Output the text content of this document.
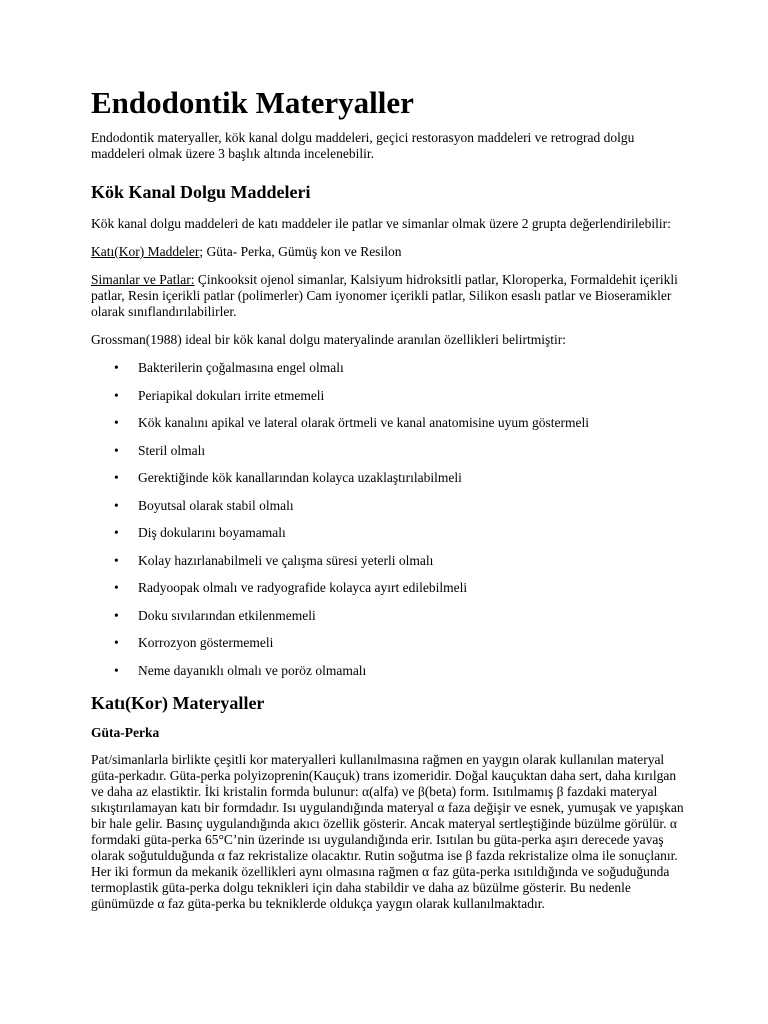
Endodontik Materyaller

Endodontik materyaller, kök kanal dolgu maddeleri, geçici restorasyon maddeleri ve retrograd dolgu maddeleri olmak üzere 3 başlık altında incelenebilir.

Kök Kanal Dolgu Maddeleri

Kök kanal dolgu maddeleri de katı maddeler ile patlar ve simanlar olmak üzere 2 grupta değerlendirilebilir:

Katı(Kor) Maddeler; Güta- Perka, Gümüş kon ve Resilon

Simanlar ve Patlar: Çinkooksit ojenol simanlar, Kalsiyum hidroksitli patlar, Kloroperka, Formaldehit içerikli patlar, Resin içerikli patlar (polimerler) Cam iyonomer içerikli patlar, Silikon esaslı patlar ve Bioseramikler olarak sınıflandırılabilirler.

Grossman(1988) ideal bir kök kanal dolgu materyalinde aranılan özellikleri belirtmiştir:

• Bakterilerin çoğalmasına engel olmalı
• Periapikal dokuları irrite etmemeli
• Kök kanalını apikal ve lateral olarak örtmeli ve kanal anatomisine uyum göstermeli
• Steril olmalı
• Gerektiğinde kök kanallarından kolayca uzaklaştırılabilmeli
• Boyutsal olarak stabil olmalı
• Diş dokularını boyamamalı
• Kolay hazırlanabilmeli ve çalışma süresi yeterli olmalı
• Radyoopak olmalı ve radyografide kolayca ayırt edilebilmeli
• Doku sıvılarından etkilenmemeli
• Korrozyon göstermemeli
• Neme dayanıklı olmalı ve poröz olmamalı
Katı(Kor) Materyaller
Güta-Perka

Pat/simanlarla birlikte çeşitli kor materyalleri kullanılmasına rağmen en yaygın olarak kullanılan materyal güta-perkadır. Güta-perka polyizoprenin(Kauçuk) trans izomeridir. Doğal kauçuktan daha sert, daha kırılgan ve daha az elastiktir. İki kristalin formda bulunur: α(alfa) ve β(beta) form. Isıtılmamış β fazdaki materyal sıkıştırılamayan katı bir formdadır. Isı uygulandığında materyal α faza değişir ve esnek, yumuşak ve yapışkan bir hale gelir. Basınç uygulandığında akıcı özellik gösterir. Ancak materyal sertleştiğinde büzülme görülür. α formdaki güta-perka 65°C’nin üzerinde ısı uygulandığında erir. Isıtılan bu güta-perka aşırı derecede yavaş olarak soğutulduğunda α faz rekristalize olacaktır. Rutin soğutma ise β fazda rekristalize olma ile sonuçlanır. Her iki formun da mekanik özellikleri aynı olmasına rağmen α faz güta-perka ısıtıldığında ve soğuduğunda termoplastik güta-perka dolgu teknikleri için daha stabildir ve daha az büzülme gösterir. Bu nedenle günümüzde α faz güta-perka bu tekniklerde oldukça yaygın olarak kullanılmaktadır.
